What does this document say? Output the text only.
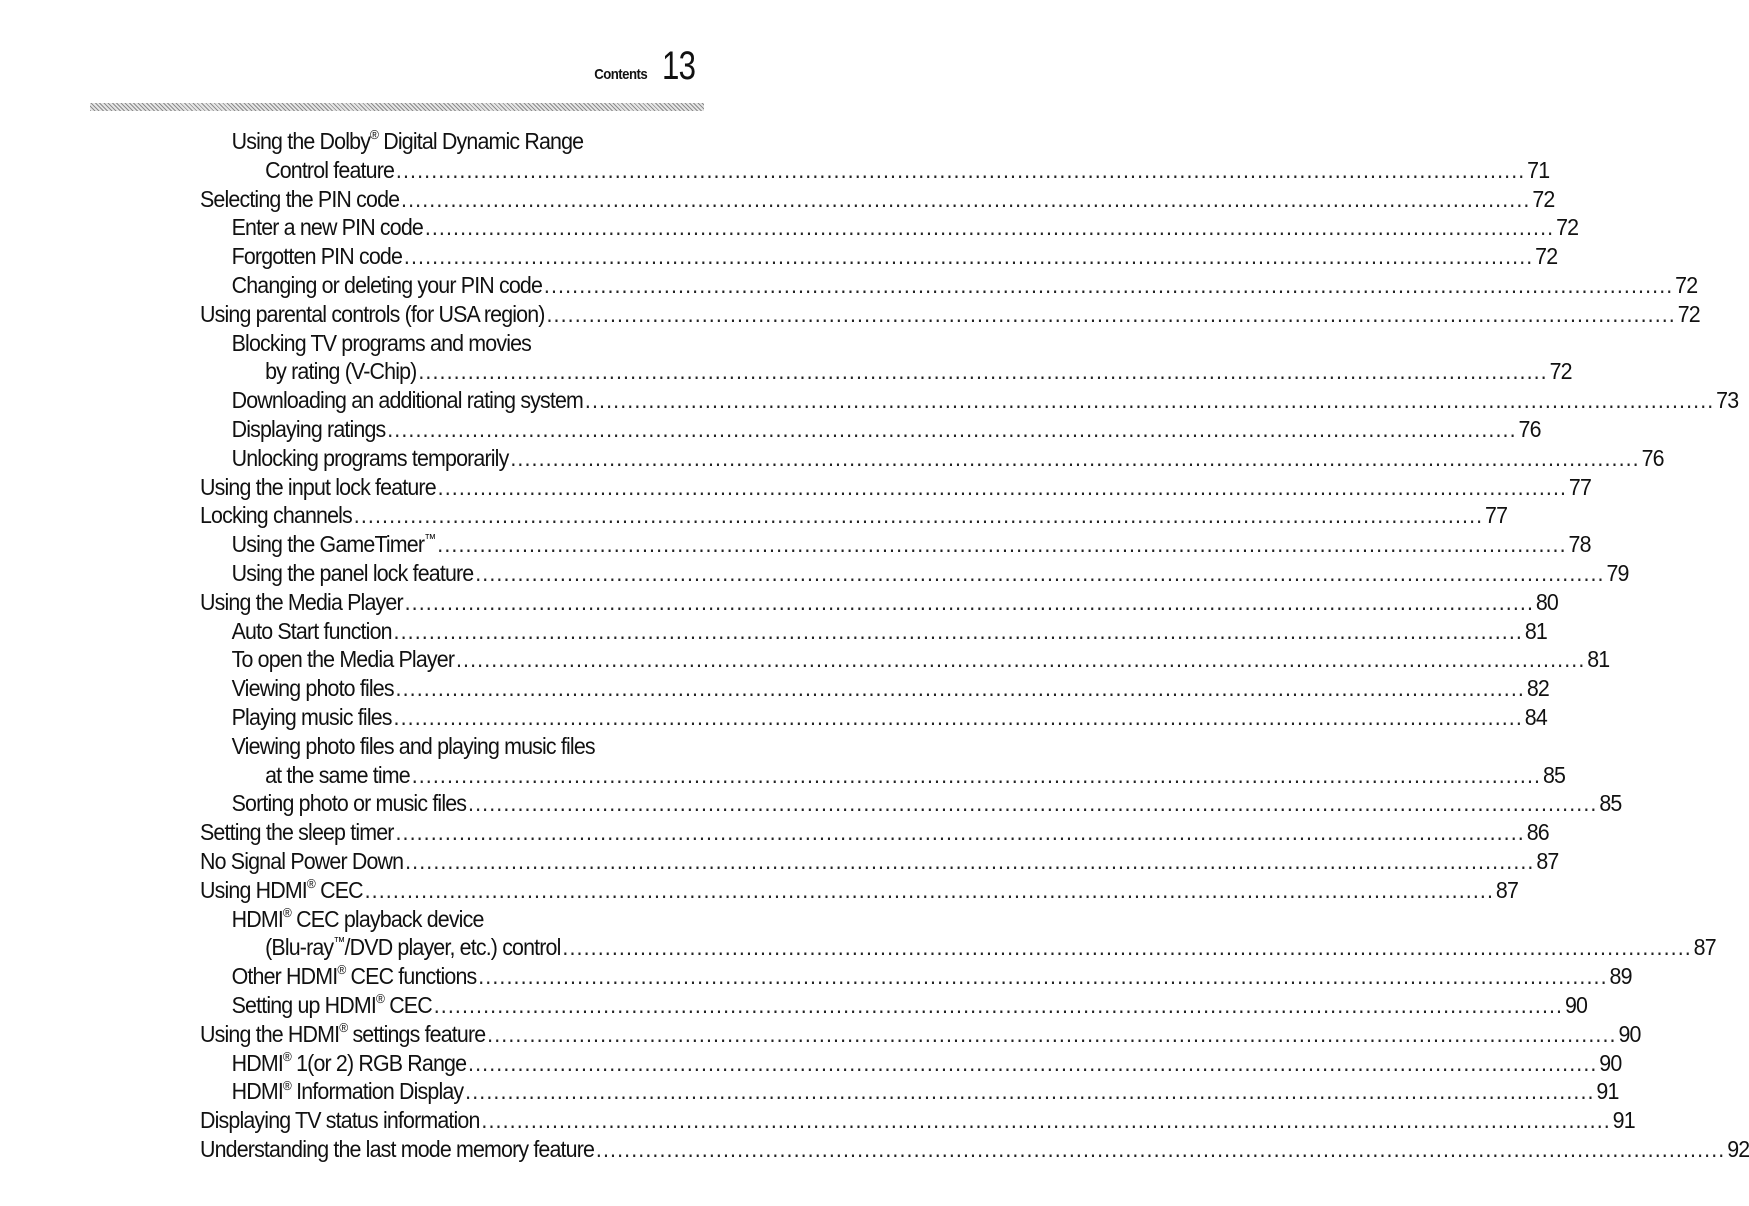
Contents 13
Using the Dolby® Digital Dynamic Range
Control feature ................................................................................................................................................................ 71
Selecting the PIN code ................................................................................................................................................................ 72
Enter a new PIN code ................................................................................................................................................................ 72
Forgotten PIN code ................................................................................................................................................................ 72
Changing or deleting your PIN code ................................................................................................................................................................ 72
Using parental controls (for USA region) ................................................................................................................................................................ 72
Blocking TV programs and movies
by rating (V-Chip) ................................................................................................................................................................ 72
Downloading an additional rating system ................................................................................................................................................................ 73
Displaying ratings ................................................................................................................................................................ 76
Unlocking programs temporarily ................................................................................................................................................................ 76
Using the input lock feature ................................................................................................................................................................ 77
Locking channels ................................................................................................................................................................ 77
Using the GameTimer™ ................................................................................................................................................................ 78
Using the panel lock feature ................................................................................................................................................................ 79
Using the Media Player ................................................................................................................................................................ 80
Auto Start function ................................................................................................................................................................ 81
To open the Media Player ................................................................................................................................................................ 81
Viewing photo files ................................................................................................................................................................ 82
Playing music files ................................................................................................................................................................ 84
Viewing photo files and playing music files
at the same time ................................................................................................................................................................ 85
Sorting photo or music files ................................................................................................................................................................ 85
Setting the sleep timer ................................................................................................................................................................ 86
No Signal Power Down ................................................................................................................................................................ 87
Using HDMI® CEC ................................................................................................................................................................ 87
HDMI® CEC playback device
(Blu-ray™/DVD player, etc.) control ................................................................................................................................................................ 87
Other HDMI® CEC functions ................................................................................................................................................................ 89
Setting up HDMI® CEC ................................................................................................................................................................ 90
Using the HDMI® settings feature ................................................................................................................................................................ 90
HDMI® 1(or 2) RGB Range ................................................................................................................................................................ 90
HDMI® Information Display ................................................................................................................................................................ 91
Displaying TV status information ................................................................................................................................................................ 91
Understanding the last mode memory feature ................................................................................................................................................................ 92
